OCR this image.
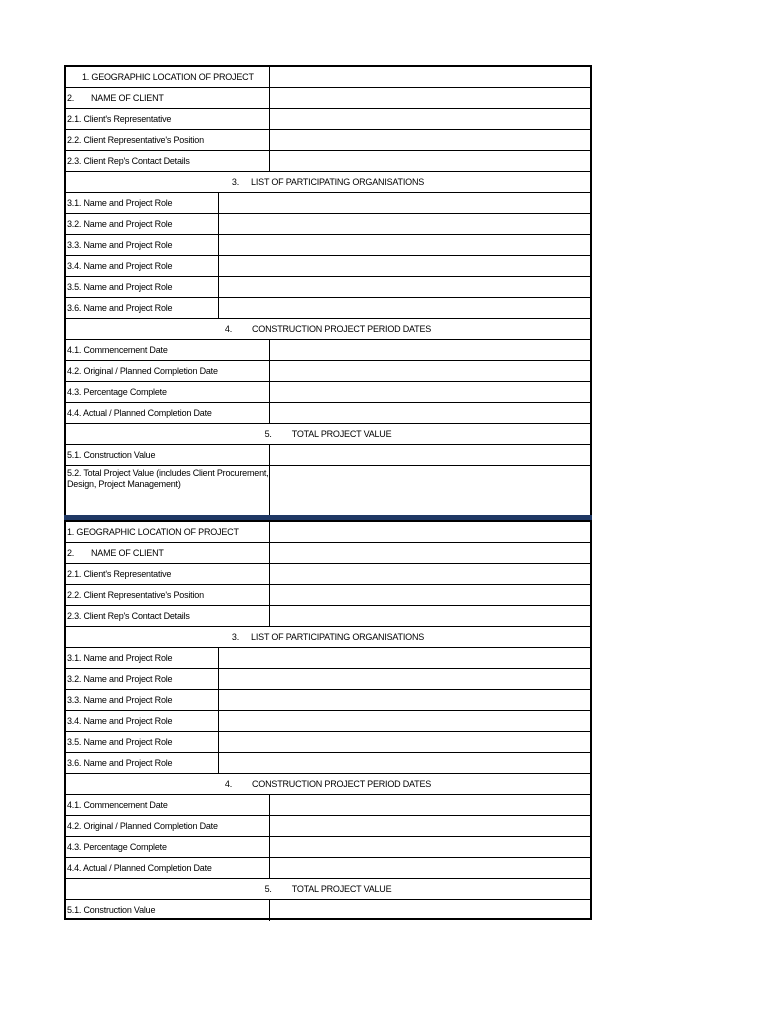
1. GEOGRAPHIC LOCATION OF PROJECT
2. NAME OF CLIENT
2.1. Client's Representative
2.2. Client Representative's Position
2.3. Client Rep's Contact Details
3. LIST OF PARTICIPATING ORGANISATIONS
3.1. Name and Project Role
3.2. Name and Project Role
3.3. Name and Project Role
3.4. Name and Project Role
3.5. Name and Project Role
3.6. Name and Project Role
4. CONSTRUCTION PROJECT PERIOD DATES
4.1. Commencement Date
4.2. Original / Planned Completion Date
4.3. Percentage Complete
4.4. Actual / Planned Completion Date
5. TOTAL PROJECT VALUE
5.1. Construction Value
5.2. Total Project Value (includes Client Procurement, Design, Project Management)
1. GEOGRAPHIC LOCATION OF PROJECT
2. NAME OF CLIENT
2.1. Client's Representative
2.2. Client Representative's Position
2.3. Client Rep's Contact Details
3. LIST OF PARTICIPATING ORGANISATIONS
3.1. Name and Project Role
3.2. Name and Project Role
3.3. Name and Project Role
3.4. Name and Project Role
3.5. Name and Project Role
3.6. Name and Project Role
4. CONSTRUCTION PROJECT PERIOD DATES
4.1. Commencement Date
4.2. Original / Planned Completion Date
4.3. Percentage Complete
4.4. Actual / Planned Completion Date
5. TOTAL PROJECT VALUE
5.1. Construction Value
